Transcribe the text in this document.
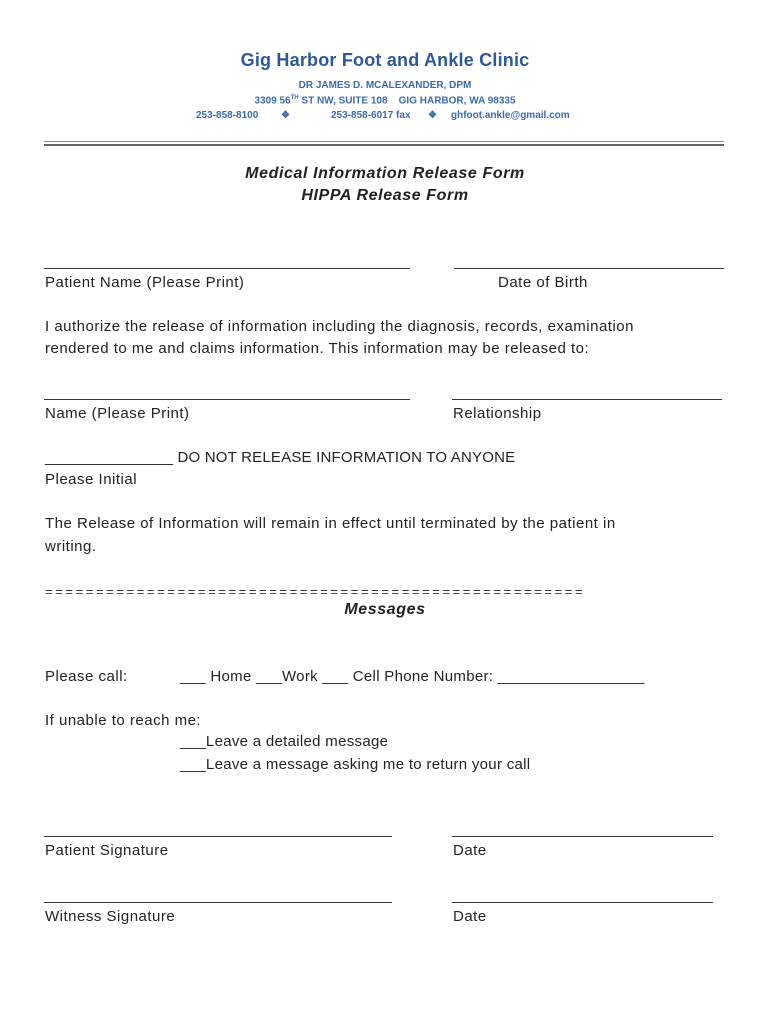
Gig Harbor Foot and Ankle Clinic
DR JAMES D. MCALEXANDER, DPM
3309 56TH ST NW, SUITE 108    GIG HARBOR, WA 98335
253-858-8100 ❖	253-858-6017 fax ❖ ghfoot.ankle@gmail.com
Medical Information Release Form
HIPPA Release Form
Patient Name (Please Print)	Date of Birth
I authorize the release of information including the diagnosis, records, examination
rendered to me and claims information. This information may be released to:
Name (Please Print)	Relationship
_______________ DO NOT RELEASE INFORMATION TO ANYONE
Please Initial
The Release of Information will remain in effect until terminated by the patient in
writing.
=====================================================
Messages
Please call:	___ Home ___Work ___ Cell Phone Number: _________________
If unable to reach me:
___Leave a detailed message
___Leave a message asking me to return your call
Patient Signature	Date
Witness Signature	Date
